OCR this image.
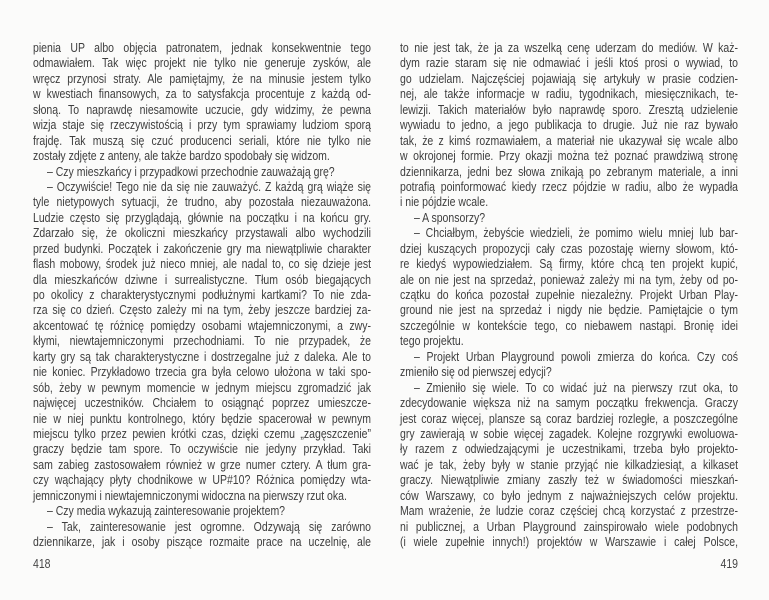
pienia UP albo objęcia patronatem, jednak konsekwentnie tego
odmawiałem. Tak więc projekt nie tylko nie generuje zysków, ale
wręcz przynosi straty. Ale pamiętajmy, że na minusie jestem tylko
w kwestiach finansowych, za to satysfakcja procentuje z każdą od-
słoną. To naprawdę niesamowite uczucie, gdy widzimy, że pewna
wizja staje się rzeczywistością i przy tym sprawiamy ludziom sporą
frajdę. Tak muszą się czuć producenci seriali, które nie tylko nie
zostały zdjęte z anteny, ale także bardzo spodobały się widzom.
– Czy mieszkańcy i przypadkowi przechodnie zauważają grę?
– Oczywiście! Tego nie da się nie zauważyć. Z każdą grą wiąże się
tyle nietypowych sytuacji, że trudno, aby pozostała niezauważona.
Ludzie często się przyglądają, głównie na początku i na końcu gry.
Zdarzało się, że okoliczni mieszkańcy przystawali albo wychodzili
przed budynki. Początek i zakończenie gry ma niewątpliwie charakter
flash mobowy, środek już nieco mniej, ale nadal to, co się dzieje jest
dla mieszkańców dziwne i surrealistyczne. Tłum osób biegających
po okolicy z charakterystycznymi podłużnymi kartkami? To nie zda-
rza się co dzień. Często zależy mi na tym, żeby jeszcze bardziej za-
akcentować tę różnicę pomiędzy osobami wtajemniczonymi, a zwy-
kłymi, niewtajemniczonymi przechodniami. To nie przypadek, że
karty gry są tak charakterystyczne i dostrzegalne już z daleka. Ale to
nie koniec. Przykładowo trzecia gra była celowo ułożona w taki spo-
sób, żeby w pewnym momencie w jednym miejscu zgromadzić jak
najwięcej uczestników. Chciałem to osiągnąć poprzez umieszcze-
nie w niej punktu kontrolnego, który będzie spacerował w pewnym
miejscu tylko przez pewien krótki czas, dzięki czemu „zagęszczenie”
graczy będzie tam spore. To oczywiście nie jedyny przykład. Taki
sam zabieg zastosowałem również w grze numer cztery. A tłum gra-
czy wąchający płyty chodnikowe w UP#10? Różnica pomiędzy wta-
jemniczonymi i niewtajemniczonymi widoczna na pierwszy rzut oka.
– Czy media wykazują zainteresowanie projektem?
– Tak, zainteresowanie jest ogromne. Odzywają się zarówno
dziennikarze, jak i osoby piszące rozmaite prace na uczelnię, ale
418
to nie jest tak, że ja za wszelką cenę uderzam do mediów. W każ-
dym razie staram się nie odmawiać i jeśli ktoś prosi o wywiad, to
go udzielam. Najczęściej pojawiają się artykuły w prasie codzien-
nej, ale także informacje w radiu, tygodnikach, miesięcznikach, te-
lewizji. Takich materiałów było naprawdę sporo. Zresztą udzielenie
wywiadu to jedno, a jego publikacja to drugie. Już nie raz bywało
tak, że z kimś rozmawiałem, a materiał nie ukazywał się wcale albo
w okrojonej formie. Przy okazji można też poznać prawdziwą stronę
dziennikarza, jedni bez słowa znikają po zebranym materiale, a inni
potrafią poinformować kiedy rzecz pójdzie w radiu, albo że wypadła
i nie pójdzie wcale.
– A sponsorzy?
– Chciałbym, żebyście wiedzieli, że pomimo wielu mniej lub bar-
dziej kuszących propozycji cały czas pozostaję wierny słowom, któ-
re kiedyś wypowiedziałem. Są firmy, które chcą ten projekt kupić,
ale on nie jest na sprzedaż, ponieważ zależy mi na tym, żeby od po-
czątku do końca pozostał zupełnie niezależny. Projekt Urban Play-
ground nie jest na sprzedaż i nigdy nie będzie. Pamiętajcie o tym
szczególnie w kontekście tego, co niebawem nastąpi. Bronię idei
tego projektu.
– Projekt Urban Playground powoli zmierza do końca. Czy coś
zmieniło się od pierwszej edycji?
– Zmieniło się wiele. To co widać już na pierwszy rzut oka, to
zdecydowanie większa niż na samym początku frekwencja. Graczy
jest coraz więcej, plansze są coraz bardziej rozległe, a poszczególne
gry zawierają w sobie więcej zagadek. Kolejne rozgrywki ewoluowa-
ły razem z odwiedzającymi je uczestnikami, trzeba było projekto-
wać je tak, żeby były w stanie przyjąć nie kilkadziesiąt, a kilkaset
graczy. Niewątpliwie zmiany zaszły też w świadomości mieszkań-
ców Warszawy, co było jednym z najważniejszych celów projektu.
Mam wrażenie, że ludzie coraz częściej chcą korzystać z przestrze-
ni publicznej, a Urban Playground zainspirowało wiele podobnych
(i wiele zupełnie innych!) projektów w Warszawie i całej Polsce,
419
